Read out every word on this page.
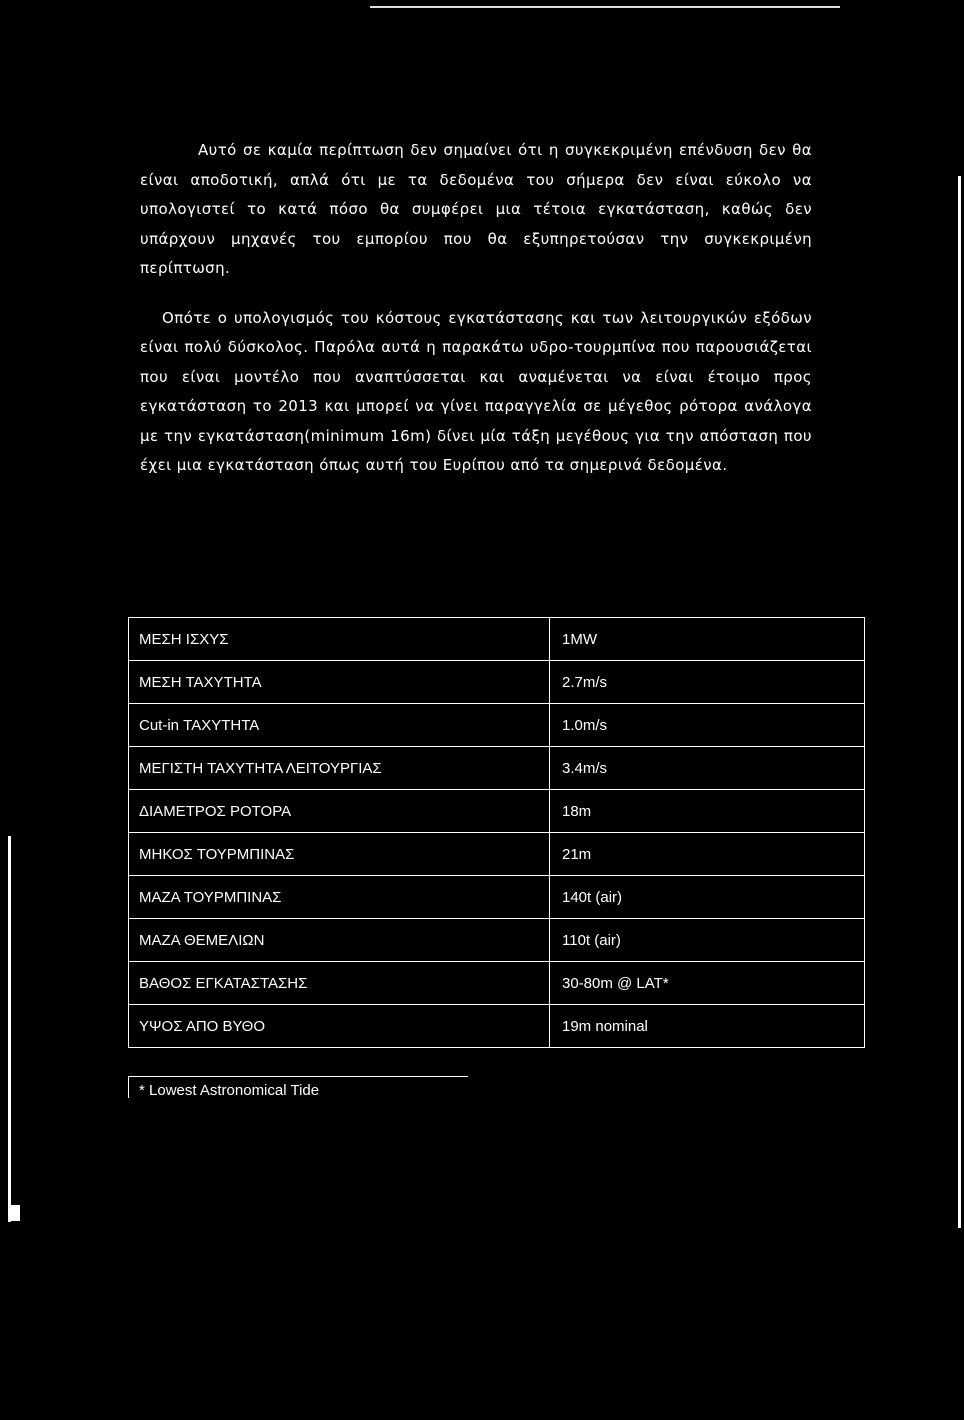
Αυτό σε καμία περίπτωση δεν σημαίνει ότι η συγκεκριμένη επένδυση δεν θα είναι αποδοτική, απλά ότι με τα δεδομένα του σήμερα δεν είναι εύκολο να υπολογιστεί το κατά πόσο θα συμφέρει μια τέτοια εγκατάσταση, καθώς δεν υπάρχουν μηχανές του εμπορίου που θα εξυπηρετούσαν την συγκεκριμένη περίπτωση.

Οπότε ο υπολογισμός του κόστους εγκατάστασης και των λειτουργικών εξόδων είναι πολύ δύσκολος. Παρόλα αυτά η παρακάτω υδρο-τουρμπίνα που παρουσιάζεται που είναι μοντέλο που αναπτύσσεται και αναμένεται να είναι έτοιμο προς εγκατάσταση το 2013 και μπορεί να γίνει παραγγελία σε μέγεθος ρότορα ανάλογα με την εγκατάσταση(minimum 16m) δίνει μία τάξη μεγέθους για την απόσταση που έχει μια εγκατάσταση όπως αυτή του Ευρίπου από τα σημερινά δεδομένα.

ΜΕΣΗ ΙΣΧΥΣ	1MW
ΜΕΣΗ ΤΑΧΥΤΗΤΑ	2.7m/s
Cut-in ΤΑΧΥΤΗΤΑ	1.0m/s
ΜΕΓΙΣΤΗ ΤΑΧΥΤΗΤΑ ΛΕΙΤΟΥΡΓΙΑΣ	3.4m/s
ΔΙΑΜΕΤΡΟΣ ΡΟΤΟΡΑ	18m
ΜΗΚΟΣ ΤΟΥΡΜΠΙΝΑΣ	21m
ΜΑΖΑ ΤΟΥΡΜΠΙΝΑΣ	140t (air)
ΜΑΖΑ ΘΕΜΕΛΙΩΝ	110t (air)
ΒΑΘΟΣ ΕΓΚΑΤΑΣΤΑΣΗΣ	30-80m @ LAT*
ΥΨΟΣ ΑΠΟ ΒΥΘΟ	19m nominal
* Lowest Astronomical Tide
